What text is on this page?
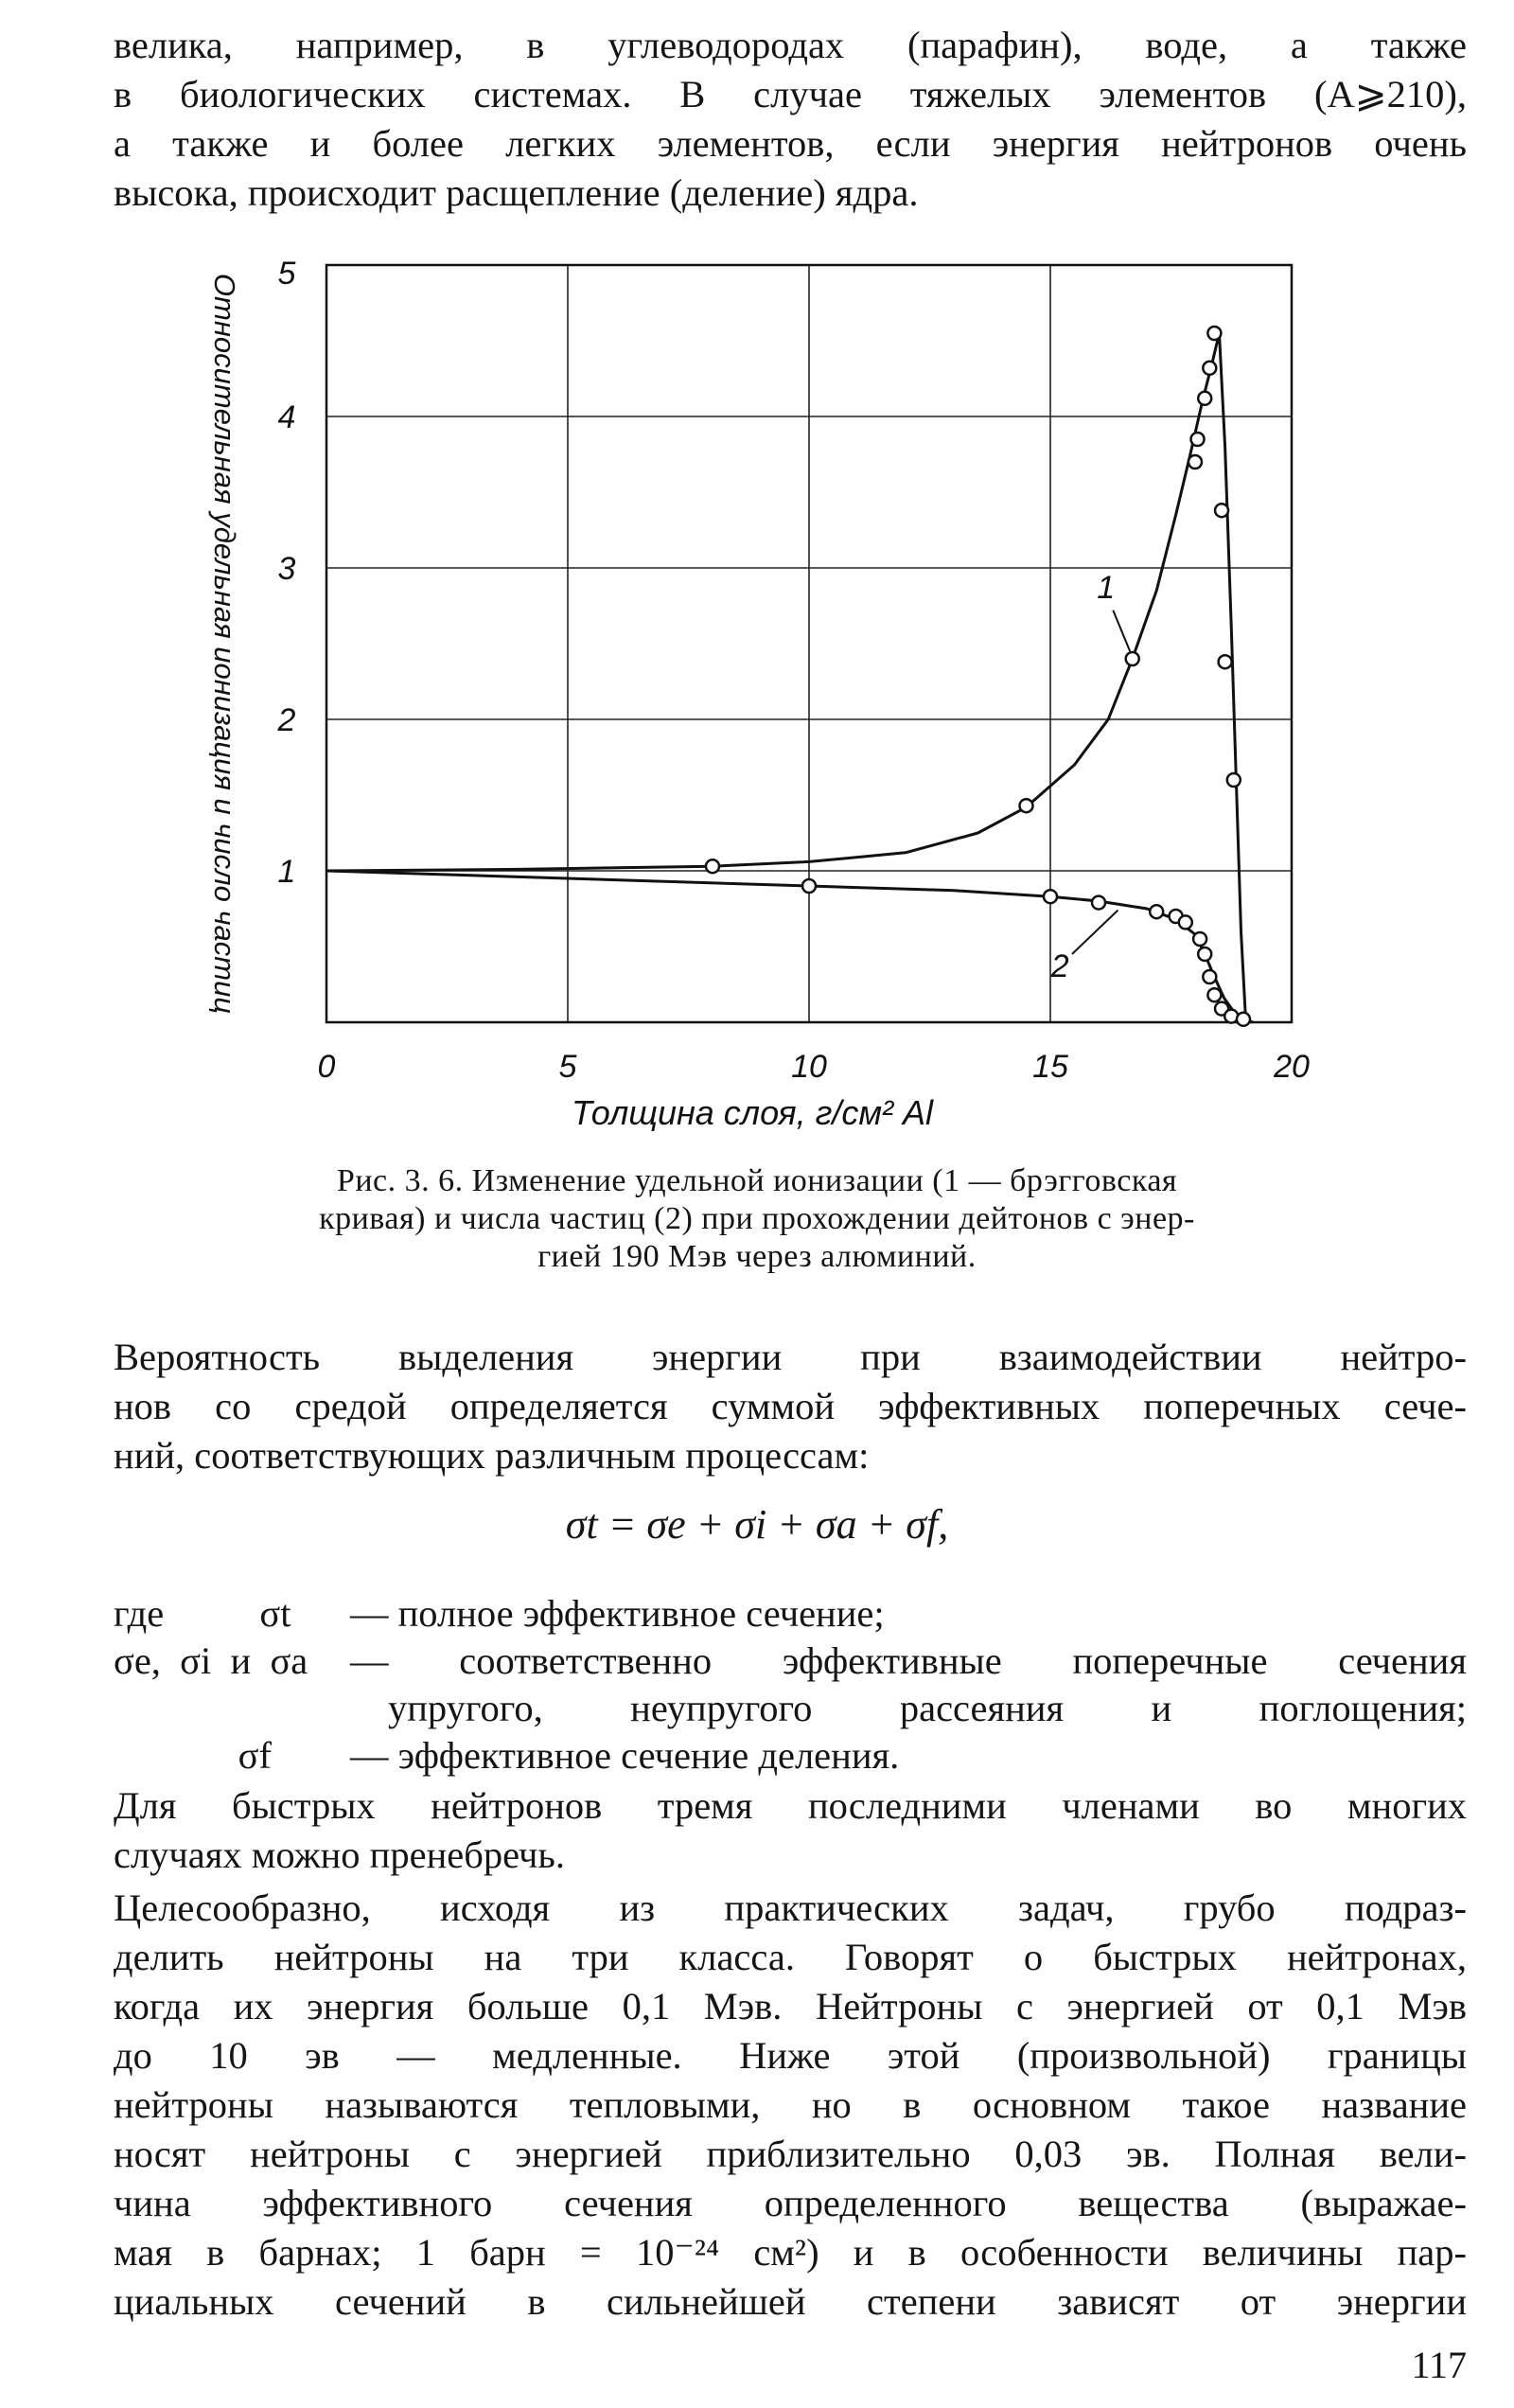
велика, например, в углеводородах (парафин), воде, а также

в биологических системах. В случае тяжелых элементов (A⩾210),

а также и более легких элементов, если энергия нейтронов очень

высока, происходит расщепление (деление) ядра.

0	5	10	15	20
1
2
3
4
5
Толщина слоя, г/см² Al
Относительная удельная ионизация и число частиц	1
2
Рис. 3. 6. Изменение удельной ионизации (1 — брэгговская
кривая) и числа частиц (2) при прохождении дейтонов с энер-
гией 190 Мэв через алюминий.

Вероятность выделения энергии при взаимодействии нейтро-

нов со средой определяется суммой эффективных поперечных сече-

ний, соответствующих различным процессам:

σt = σe + σi + σa + σf,
где          σt	— полное эффективное сечение;
σe,  σi  и  σa	— соответственно эффективные поперечные сечения
упругого, неупругого рассеяния и поглощения;
σf	— эффективное сечение деления.

Для быстрых нейтронов тремя последними членами во многих

случаях можно пренебречь.

Целесообразно, исходя из практических задач, грубо подраз-

делить нейтроны на три класса. Говорят о быстрых нейтронах,

когда их энергия больше 0,1 Мэв. Нейтроны с энергией от 0,1 Мэв

до 10 эв — медленные. Ниже этой (произвольной) границы

нейтроны называются тепловыми, но в основном такое название

носят нейтроны с энергией приблизительно 0,03 эв. Полная вели-

чина эффективного сечения определенного вещества (выражае-

мая в барнах; 1 барн = 10⁻²⁴ см²) и в особенности величины пар-

циальных сечений в сильнейшей степени зависят от энергии

117
